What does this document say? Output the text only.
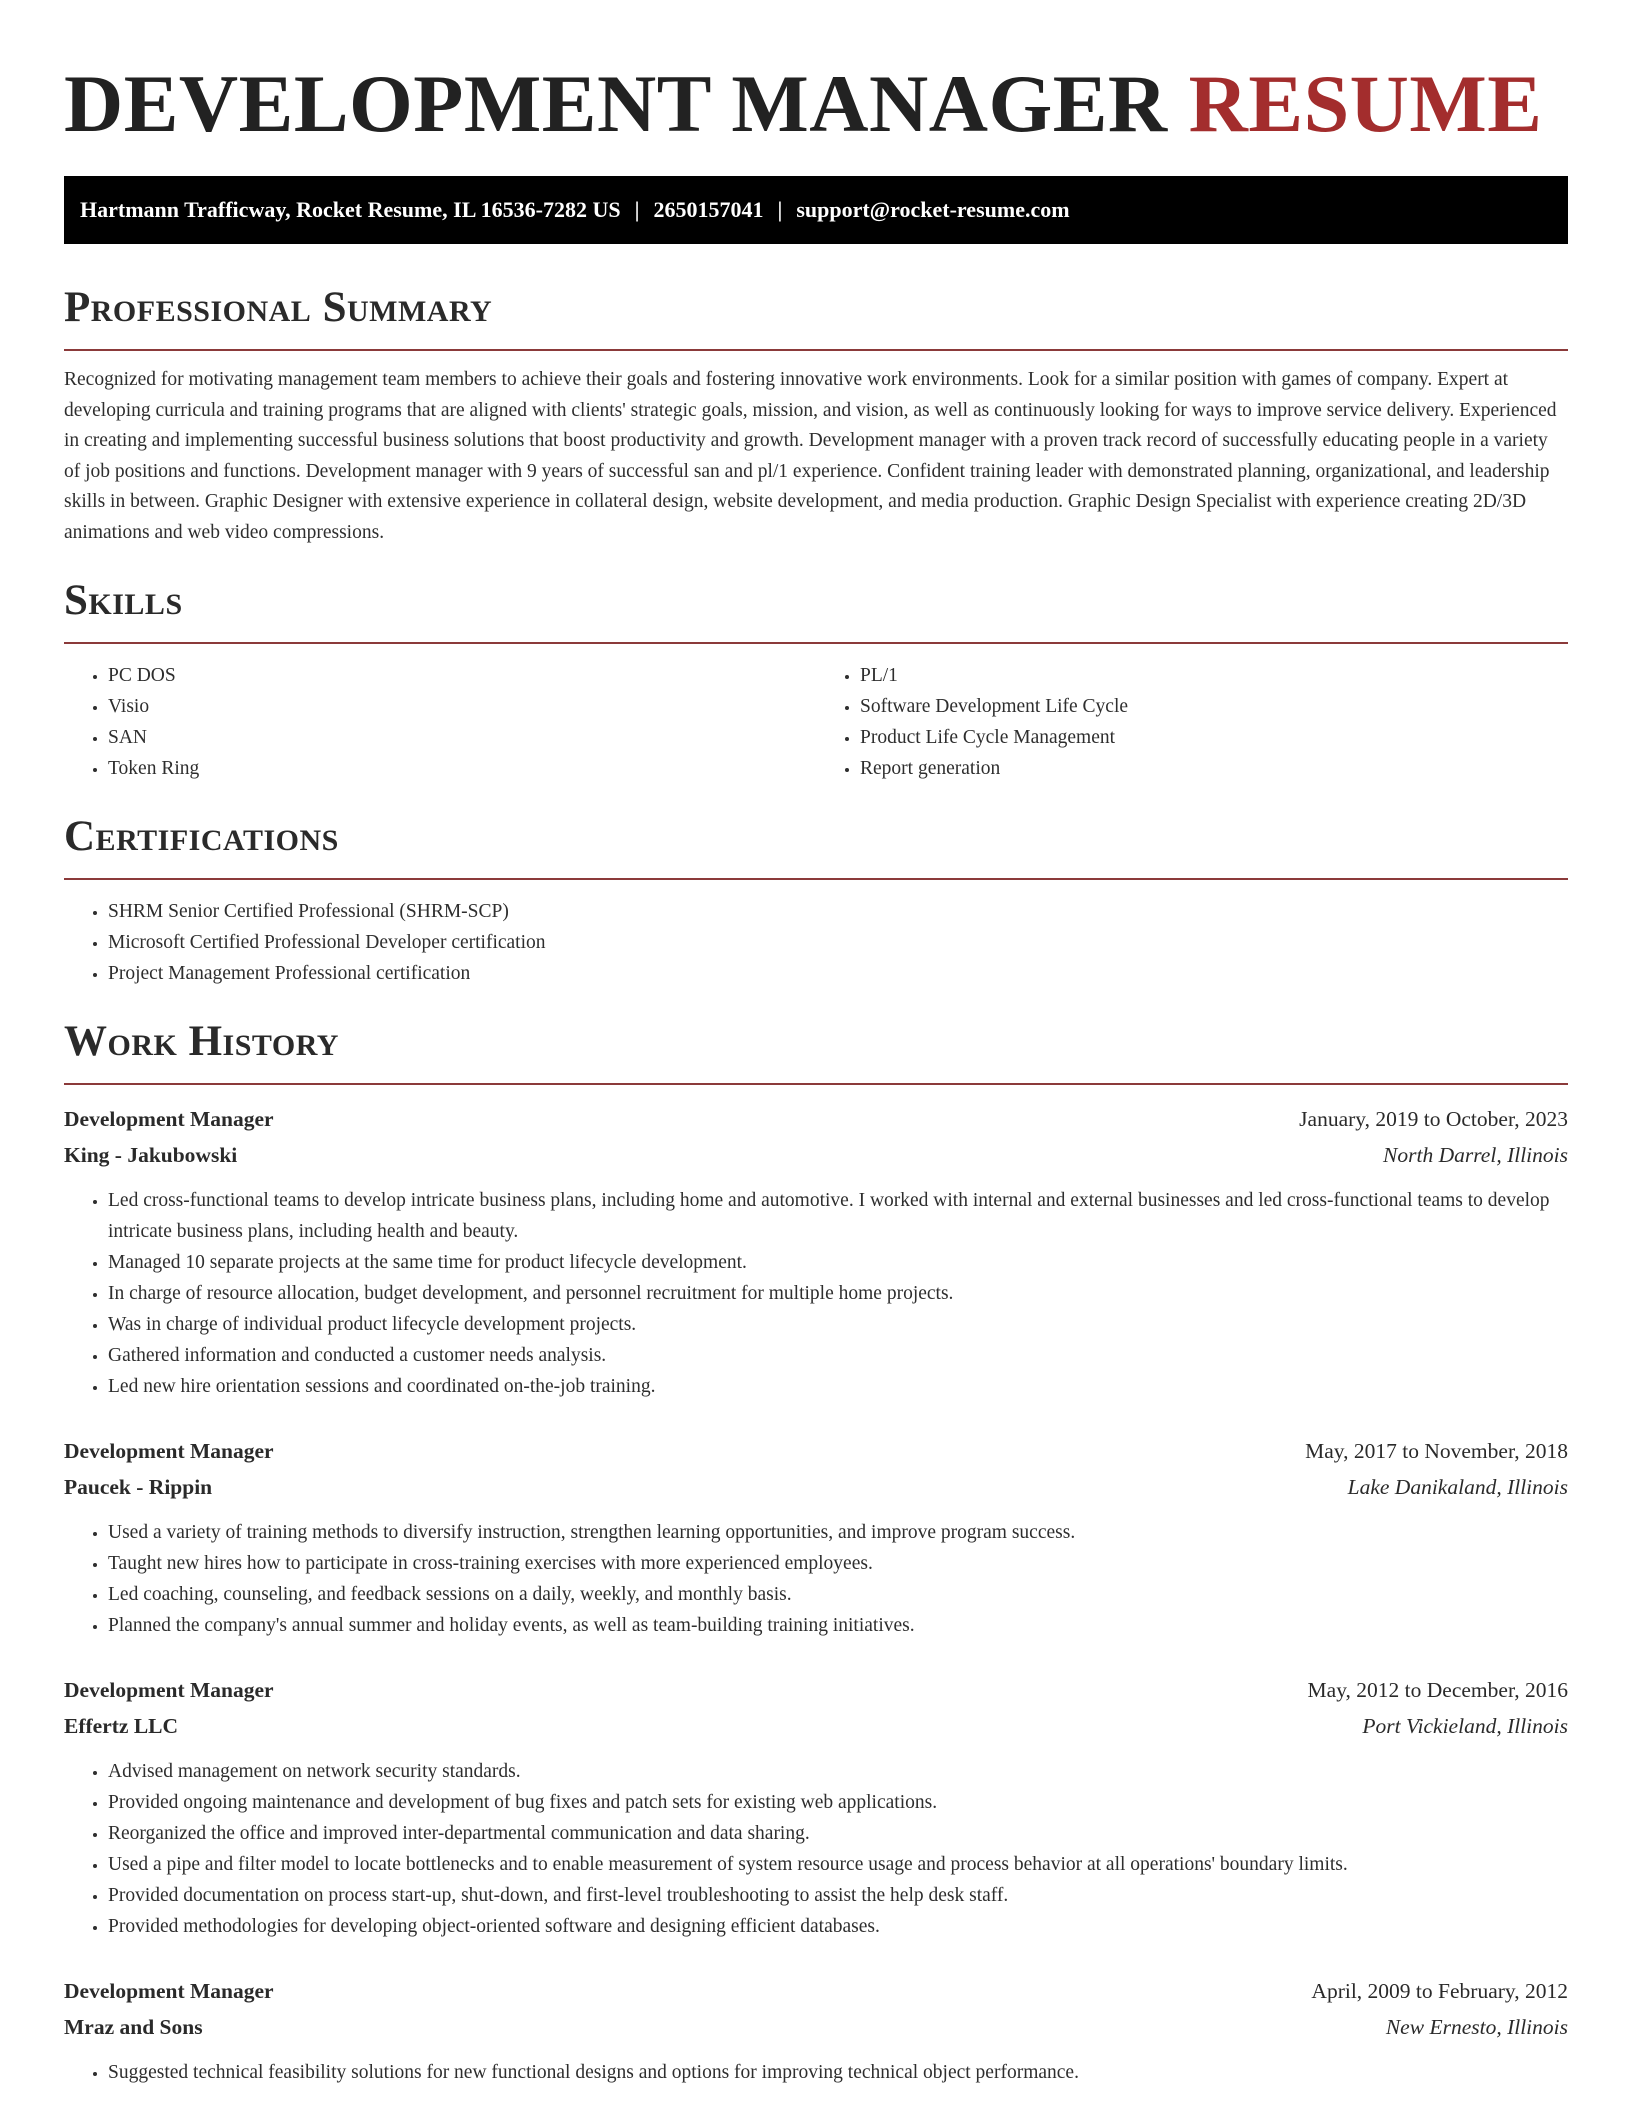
DEVELOPMENT MANAGER RESUME
Hartmann Trafficway, Rocket Resume, IL 16536-7282 US | 2650157041 | support@rocket-resume.com
Professional Summary

Recognized for motivating management team members to achieve their goals and fostering innovative work environments. Look for a similar position with games of company. Expert at developing curricula and training programs that are aligned with clients' strategic goals, mission, and vision, as well as continuously looking for ways to improve service delivery. Experienced in creating and implementing successful business solutions that boost productivity and growth. Development manager with a proven track record of successfully educating people in a variety of job positions and functions. Development manager with 9 years of successful san and pl/1 experience. Confident training leader with demonstrated planning, organizational, and leadership skills in between. Graphic Designer with extensive experience in collateral design, website development, and media production. Graphic Design Specialist with experience creating 2D/3D animations and web video compressions.

Skills
• PC DOS
• Visio
• SAN
• Token Ring
• PL/1
• Software Development Life Cycle
• Product Life Cycle Management
• Report generation
Certifications
• SHRM Senior Certified Professional (SHRM-SCP)
• Microsoft Certified Professional Developer certification
• Project Management Professional certification
Work History
Development Manager	January, 2019 to October, 2023
King - Jakubowski	North Darrel, Illinois
• Led cross-functional teams to develop intricate business plans, including home and automotive. I worked with internal and external businesses and led cross-functional teams to develop intricate business plans, including health and beauty.
• Managed 10 separate projects at the same time for product lifecycle development.
• In charge of resource allocation, budget development, and personnel recruitment for multiple home projects.
• Was in charge of individual product lifecycle development projects.
• Gathered information and conducted a customer needs analysis.
• Led new hire orientation sessions and coordinated on-the-job training.
Development Manager	May, 2017 to November, 2018
Paucek - Rippin	Lake Danikaland, Illinois
• Used a variety of training methods to diversify instruction, strengthen learning opportunities, and improve program success.
• Taught new hires how to participate in cross-training exercises with more experienced employees.
• Led coaching, counseling, and feedback sessions on a daily, weekly, and monthly basis.
• Planned the company's annual summer and holiday events, as well as team-building training initiatives.
Development Manager	May, 2012 to December, 2016
Effertz LLC	Port Vickieland, Illinois
• Advised management on network security standards.
• Provided ongoing maintenance and development of bug fixes and patch sets for existing web applications.
• Reorganized the office and improved inter-departmental communication and data sharing.
• Used a pipe and filter model to locate bottlenecks and to enable measurement of system resource usage and process behavior at all operations' boundary limits.
• Provided documentation on process start-up, shut-down, and first-level troubleshooting to assist the help desk staff.
• Provided methodologies for developing object-oriented software and designing efficient databases.
Development Manager	April, 2009 to February, 2012
Mraz and Sons	New Ernesto, Illinois
• Suggested technical feasibility solutions for new functional designs and options for improving technical object performance.
